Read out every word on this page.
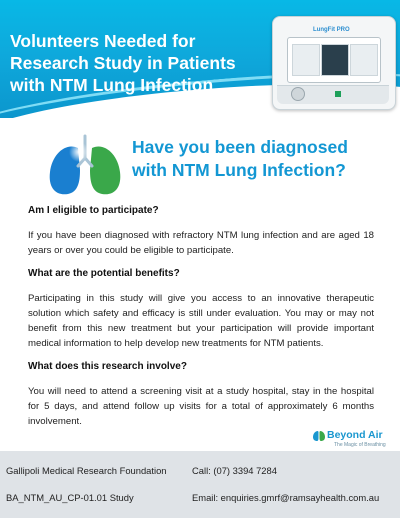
Volunteers Needed for
Research Study in Patients
with NTM Lung Infection
LungFit PRO
Have you been diagnosed
with NTM Lung Infection?
Am I eligible to participate?

If you have been diagnosed with refractory NTM lung infection and are aged 18 years or over you could be eligible to participate.

What are the potential benefits?

Participating in this study will give you access to an innovative therapeutic solution which safety and efficacy is still under evaluation. You may or may not benefit from this new treatment but your participation will provide important medical information to help develop new treatments for NTM patients.

What does this research involve?

You will need to attend a screening visit at a study hospital, stay in the hospital for 5 days, and attend follow up visits for a total of approximately 6 months involvement.

Beyond Air
The Magic of Breathing
Gallipoli Medical Research Foundation	Call: (07) 3394 7284
BA_NTM_AU_CP-01.01 Study	Email: enquiries.gmrf@ramsayhealth.com.au
